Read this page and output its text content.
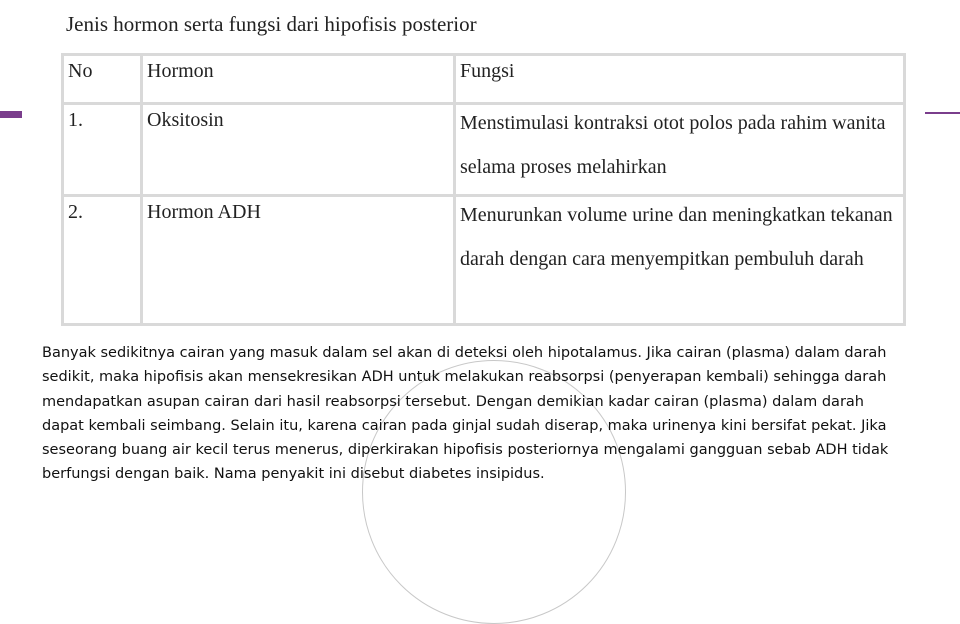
Jenis hormon serta fungsi dari hipofisis posterior
No	Hormon	Fungsi
1.	Oksitosin	Menstimulasi kontraksi otot polos pada rahim wanita selama proses melahirkan

2.	Hormon ADH	Menurunkan volume urine dan meningkatkan tekanan darah dengan cara menyempitkan pembuluh darah
Banyak sedikitnya cairan yang masuk dalam sel akan di deteksi oleh hipotalamus. Jika cairan (plasma) dalam darah sedikit, maka hipofisis akan mensekresikan ADH untuk melakukan reabsorpsi (penyerapan kembali) sehingga darah mendapatkan asupan cairan dari hasil reabsorpsi tersebut. Dengan demikian kadar cairan (plasma) dalam darah dapat kembali seimbang. Selain itu, karena cairan pada ginjal sudah diserap, maka urinenya kini bersifat pekat. Jika seseorang buang air kecil terus menerus, diperkirakan hipofisis posteriornya mengalami gangguan sebab ADH tidak berfungsi dengan baik. Nama penyakit ini disebut diabetes insipidus.
